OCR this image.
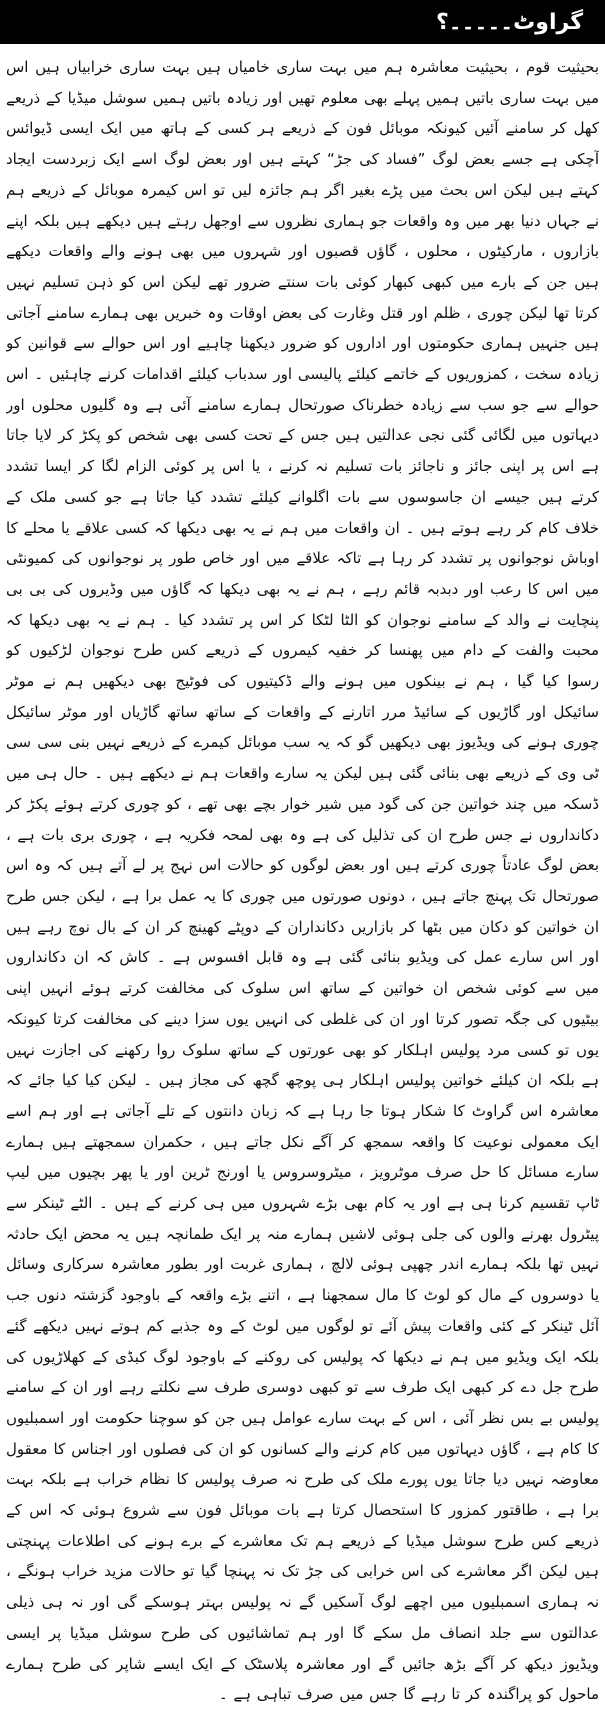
گراوٹ۔۔۔۔۔؟

بحیثیت قوم ، بحیثیت معاشرہ ہم میں بہت ساری خامیاں ہیں بہت ساری خرابیاں ہیں اس میں بہت ساری باتیں ہمیں پہلے بھی معلوم تھیں اور زیادہ باتیں ہمیں سوشل میڈیا کے ذریعے کھل کر سامنے آئیں کیونکہ موبائل فون کے ذریعے ہر کسی کے ہاتھ میں ایک ایسی ڈیوائس آچکی ہے جسے بعض لوگ ”فساد کی جڑ“ کہتے ہیں اور بعض لوگ اسے ایک زبردست ایجاد کہتے ہیں لیکن اس بحث میں پڑے بغیر اگر ہم جائزہ لیں تو اس کیمرہ موبائل کے ذریعے ہم نے جہاں دنیا بھر میں وہ واقعات جو ہماری نظروں سے اوجھل رہتے ہیں دیکھے ہیں بلکہ اپنے بازاروں ، مارکیٹوں ، محلوں ، گاؤں قصبوں اور شہروں میں بھی ہونے والے واقعات دیکھے ہیں جن کے بارے میں کبھی کبھار کوئی بات سنتے ضرور تھے لیکن اس کو ذہن تسلیم نہیں کرتا تھا لیکن چوری ، ظلم اور قتل وغارت کی بعض اوقات وہ خبریں بھی ہمارے سامنے آجاتی ہیں جنہیں ہماری حکومتوں اور اداروں کو ضرور دیکھنا چاہیے اور اس حوالے سے قوانین کو زیادہ سخت ، کمزوریوں کے خاتمے کیلئے پالیسی اور سدباب کیلئے اقدامات کرنے چاہئیں ۔ اس حوالے سے جو سب سے زیادہ خطرناک صورتحال ہمارے سامنے آئی ہے وہ گلیوں محلوں اور دیہاتوں میں لگائی گئی نجی عدالتیں ہیں جس کے تحت کسی بھی شخص کو پکڑ کر لایا جاتا ہے اس پر اپنی جائز و ناجائز بات تسلیم نہ کرنے ، یا اس پر کوئی الزام لگا کر ایسا تشدد کرتے ہیں جیسے ان جاسوسوں سے بات اگلوانے کیلئے تشدد کیا جاتا ہے جو کسی ملک کے خلاف کام کر رہے ہوتے ہیں ۔ ان واقعات میں ہم نے یہ بھی دیکھا کہ کسی علاقے یا محلے کا اوباش نوجوانوں پر تشدد کر رہا ہے تاکہ علاقے میں اور خاص طور پر نوجوانوں کی کمیونٹی میں اس کا رعب اور دبدبہ قائم رہے ، ہم نے یہ بھی دیکھا کہ گاؤں میں وڈیروں کی بی بی پنچایت نے والد کے سامنے نوجوان کو الٹا لٹکا کر اس پر تشدد کیا ۔ ہم نے یہ بھی دیکھا کہ محبت والفت کے دام میں پھنسا کر خفیہ کیمروں کے ذریعے کس طرح نوجوان لڑکیوں کو رسوا کیا گیا ، ہم نے بینکوں میں ہونے والے ڈکیتیوں کی فوٹیج بھی دیکھیں ہم نے موٹر سائیکل اور گاڑیوں کے سائیڈ مرر اتارنے کے واقعات کے ساتھ ساتھ گاڑیاں اور موٹر سائیکل چوری ہونے کی ویڈیوز بھی دیکھیں گو کہ یہ سب موبائل کیمرے کے ذریعے نہیں بنی سی سی ٹی وی کے ذریعے بھی بنائی گئی ہیں لیکن یہ سارے واقعات ہم نے دیکھے ہیں ۔ حال ہی میں ڈسکہ میں چند خواتین جن کی گود میں شیر خوار بچے بھی تھے ، کو چوری کرتے ہوئے پکڑ کر دکانداروں نے جس طرح ان کی تذلیل کی ہے وہ بھی لمحہ فکریہ ہے ، چوری بری بات ہے ، بعض لوگ عادتاً چوری کرتے ہیں اور بعض لوگوں کو حالات اس نہج پر لے آتے ہیں کہ وہ اس صورتحال تک پہنچ جاتے ہیں ، دونوں صورتوں میں چوری کا یہ عمل برا ہے ، لیکن جس طرح ان خواتین کو دکان میں بٹھا کر بازاریں دکانداران کے دوپٹے کھینچ کر ان کے بال نوچ رہے ہیں اور اس سارے عمل کی ویڈیو بنائی گئی ہے وہ قابل افسوس ہے ۔ کاش کہ ان دکانداروں میں سے کوئی شخص ان خواتین کے ساتھ اس سلوک کی مخالفت کرتے ہوئے انہیں اپنی بیٹیوں کی جگہ تصور کرتا اور ان کی غلطی کی انہیں یوں سزا دینے کی مخالفت کرتا کیونکہ یوں تو کسی مرد پولیس اہلکار کو بھی عورتوں کے ساتھ سلوک روا رکھنے کی اجازت نہیں ہے بلکہ ان کیلئے خواتین پولیس اہلکار ہی پوچھ گچھ کی مجاز ہیں ۔ لیکن کیا کیا جائے کہ معاشرہ اس گراوٹ کا شکار ہوتا جا رہا ہے کہ زبان دانتوں کے تلے آجاتی ہے اور ہم اسے ایک معمولی نوعیت کا واقعہ سمجھ کر آگے نکل جاتے ہیں ، حکمران سمجھتے ہیں ہمارے سارے مسائل کا حل صرف موٹرویز ، میٹروسروس یا اورنج ٹرین اور یا پھر بچیوں میں لیپ ٹاپ تقسیم کرنا ہی ہے اور یہ کام بھی بڑے شہروں میں ہی کرنے کے ہیں ۔ الٹے ٹینکر سے پیٹرول بھرنے والوں کی جلی ہوئی لاشیں ہمارے منہ پر ایک طمانچہ ہیں یہ محض ایک حادثہ نہیں تھا بلکہ ہمارے اندر چھپی ہوئی لالچ ، ہماری غربت اور بطور معاشرہ سرکاری وسائل یا دوسروں کے مال کو لوٹ کا مال سمجھنا ہے ، اتنے بڑے واقعہ کے باوجود گزشتہ دنوں جب آئل ٹینکر کے کئی واقعات پیش آئے تو لوگوں میں لوٹ کے وہ جذبے کم ہوتے نہیں دیکھے گئے بلکہ ایک ویڈیو میں ہم نے دیکھا کہ پولیس کی روکنے کے باوجود لوگ کبڈی کے کھلاڑیوں کی طرح جل دے کر کبھی ایک طرف سے تو کبھی دوسری طرف سے نکلتے رہے اور ان کے سامنے پولیس بے بس نظر آئی ، اس کے بہت سارے عوامل ہیں جن کو سوچنا حکومت اور اسمبلیوں کا کام ہے ، گاؤں دیہاتوں میں کام کرنے والے کسانوں کو ان کی فصلوں اور اجناس کا معقول معاوضہ نہیں دیا جاتا یوں پورے ملک کی طرح نہ صرف پولیس کا نظام خراب ہے بلکہ بہت برا ہے ، طاقتور کمزور کا استحصال کرتا ہے بات موبائل فون سے شروع ہوئی کہ اس کے ذریعے کس طرح سوشل میڈیا کے ذریعے ہم تک معاشرے کے برے ہونے کی اطلاعات پہنچتی ہیں لیکن اگر معاشرے کی اس خرابی کی جڑ تک نہ پہنچا گیا تو حالات مزید خراب ہونگے ، نہ ہماری اسمبلیوں میں اچھے لوگ آسکیں گے نہ پولیس بہتر ہوسکے گی اور نہ ہی ذیلی عدالتوں سے جلد انصاف مل سکے گا اور ہم تماشائیوں کی طرح سوشل میڈیا پر ایسی ویڈیوز دیکھ کر آگے بڑھ جائیں گے اور معاشرہ پلاسٹک کے ایک ایسے شاپر کی طرح ہمارے ماحول کو پراگندہ کر تا رہے گا جس میں صرف تباہی ہے ۔
